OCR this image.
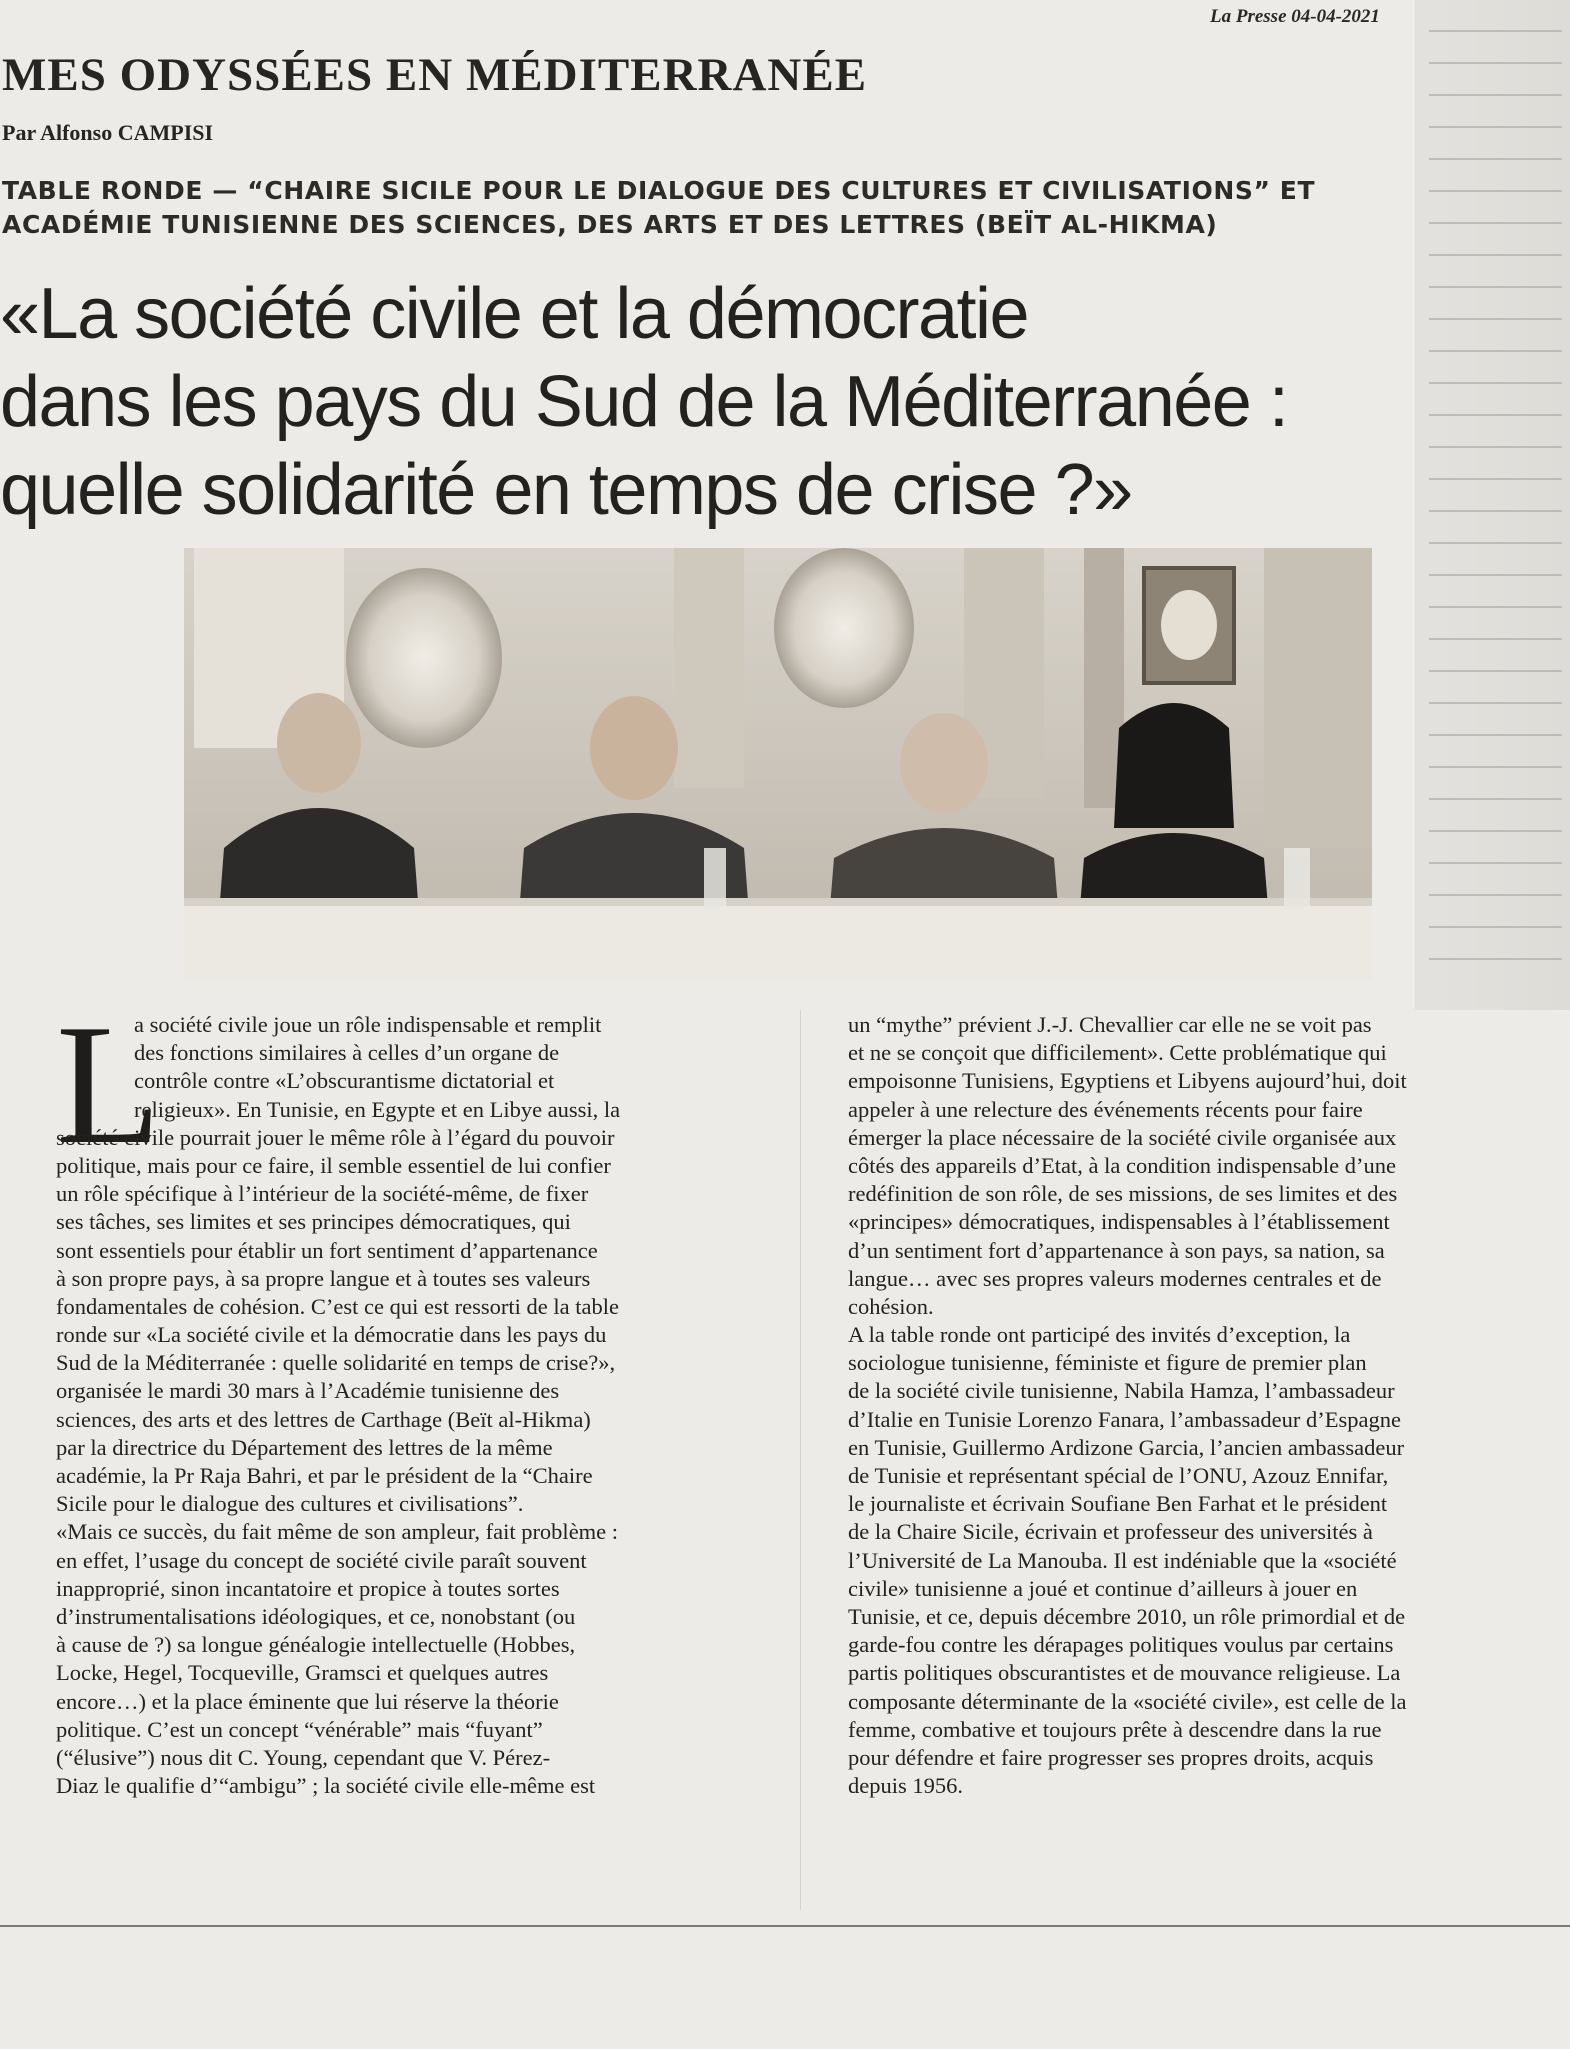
La Presse 04-04-2021
MES ODYSSÉES EN MÉDITERRANÉE
Par Alfonso CAMPISI
TABLE RONDE — “CHAIRE SICILE POUR LE DIALOGUE DES CULTURES ET CIVILISATIONS” ET
ACADÉMIE TUNISIENNE DES SCIENCES, DES ARTS ET DES LETTRES (BEÏT AL-HIKMA)
«La société civile et la démocratie
dans les pays du Sud de la Méditerranée :
quelle solidarité en temps de crise ?»
L
a société civile joue un rôle indispensable et remplit
des fonctions similaires à celles d’un organe de
contrôle contre «L’obscurantisme dictatorial et
religieux». En Tunisie, en Egypte et en Libye aussi, la
société civile pourrait jouer le même rôle à l’égard du pouvoir
politique, mais pour ce faire, il semble essentiel de lui confier
un rôle spécifique à l’intérieur de la société-même, de fixer
ses tâches, ses limites et ses principes démocratiques, qui
sont essentiels pour établir un fort sentiment d’appartenance
à son propre pays, à sa propre langue et à toutes ses valeurs
fondamentales de cohésion. C’est ce qui est ressorti de la table
ronde sur «La société civile et la démocratie dans les pays du
Sud de la Méditerranée : quelle solidarité en temps de crise?»,
organisée le mardi 30 mars à l’Académie tunisienne des
sciences, des arts et des lettres de Carthage (Beït al-Hikma)
par la directrice du Département des lettres de la même
académie, la Pr Raja Bahri, et par le président de la “Chaire
Sicile pour le dialogue des cultures et civilisations”.
«Mais ce succès, du fait même de son ampleur, fait problème :
en effet, l’usage du concept de société civile paraît souvent
inapproprié, sinon incantatoire et propice à toutes sortes
d’instrumentalisations idéologiques, et ce, nonobstant (ou
à cause de ?) sa longue généalogie intellectuelle (Hobbes,
Locke, Hegel, Tocqueville, Gramsci et quelques autres
encore…) et la place éminente que lui réserve la théorie
politique. C’est un concept “vénérable” mais “fuyant”
(“élusive”) nous dit C. Young, cependant que V. Pérez-
Diaz le qualifie d’“ambigu” ; la société civile elle-même est
un “mythe” prévient J.-J. Chevallier car elle ne se voit pas
et ne se conçoit que difficilement». Cette problématique qui
empoisonne Tunisiens, Egyptiens et Libyens aujourd’hui, doit
appeler à une relecture des événements récents pour faire
émerger la place nécessaire de la société civile organisée aux
côtés des appareils d’Etat, à la condition indispensable d’une
redéfinition de son rôle, de ses missions, de ses limites et des
«principes» démocratiques, indispensables à l’établissement
d’un sentiment fort d’appartenance à son pays, sa nation, sa
langue… avec ses propres valeurs modernes centrales et de
cohésion.
A la table ronde ont participé des invités d’exception, la
sociologue tunisienne, féministe et figure de premier plan
de la société civile tunisienne, Nabila Hamza, l’ambassadeur
d’Italie en Tunisie Lorenzo Fanara, l’ambassadeur d’Espagne
en Tunisie, Guillermo Ardizone Garcia, l’ancien ambassadeur
de Tunisie et représentant spécial de l’ONU, Azouz Ennifar,
le journaliste et écrivain Soufiane Ben Farhat et le président
de la Chaire Sicile, écrivain et professeur des universités à
l’Université de La Manouba. Il est indéniable que la «société
civile» tunisienne a joué et continue d’ailleurs à jouer en
Tunisie, et ce, depuis décembre 2010, un rôle primordial et de
garde-fou contre les dérapages politiques voulus par certains
partis politiques obscurantistes et de mouvance religieuse. La
composante déterminante de la «société civile», est celle de la
femme, combative et toujours prête à descendre dans la rue
pour défendre et faire progresser ses propres droits, acquis
depuis 1956.
